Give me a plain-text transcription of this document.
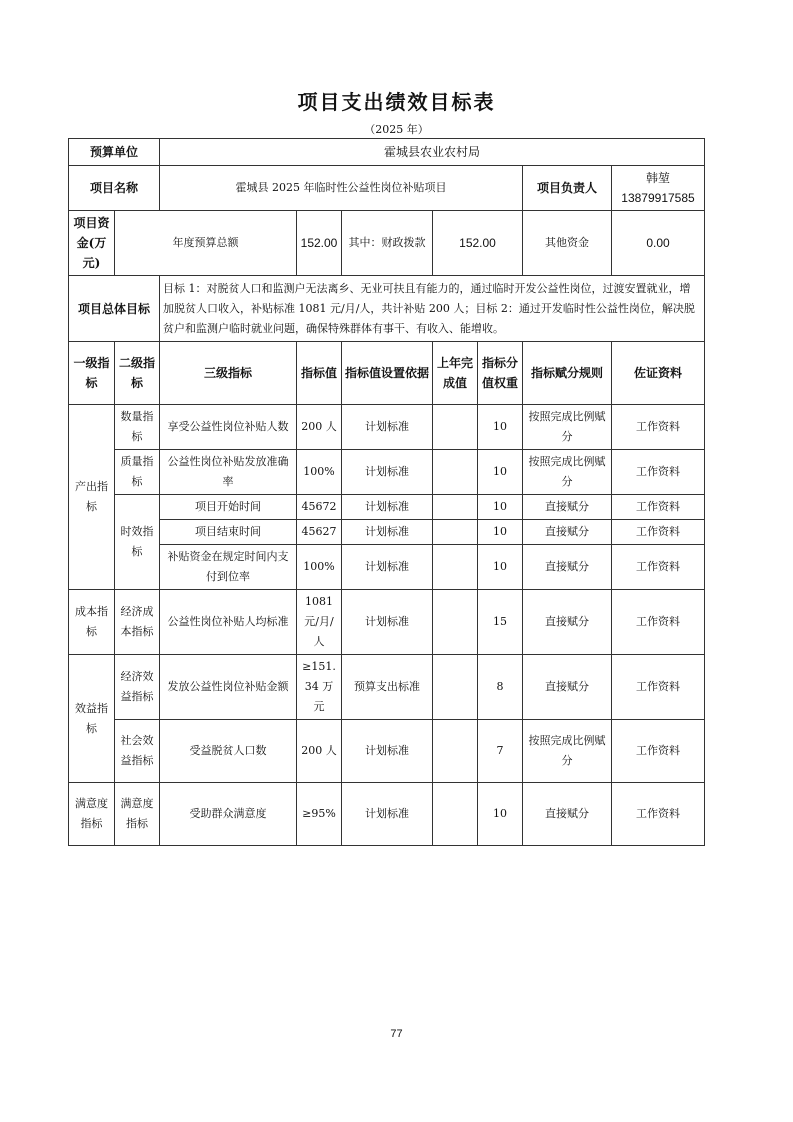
项目支出绩效目标表
（2025 年）
预算单位		霍城县农业农村局						
项目名称		霍城县 2025 年临时性公益性岗位补贴项目					项目负责人	韩堃
13879917585

项目资金(万元)	年度预算总额		152.00	其中：财政拨款	152.00		其他资金	0.00
项目总体目标		目标 1：对脱贫人口和监测户无法离乡、无业可扶且有能力的，通过临时开发公益性岗位，过渡安置就业，增加脱贫人口收入，补贴标准 1081 元/月/人，共计补贴 200 人；目标 2：通过开发临时性公益性岗位，解决脱贫户和监测户临时就业问题，确保特殊群体有事干、有收入、能增收。						
一级指标	二级指标	三级指标	指标值	指标值设置依据	上年完成值	指标分值权重	指标赋分规则	佐证资料
产出指标	数量指标	享受公益性岗位补贴人数	200 人	计划标准		10	按照完成比例赋分	工作资料
	质量指标	公益性岗位补贴发放准确率	100%	计划标准		10	按照完成比例赋分	工作资料
	时效指标	项目开始时间	45672	计划标准		10	直接赋分	工作资料
		项目结束时间	45627	计划标准		10	直接赋分	工作资料
		补贴资金在规定时间内支付到位率	100%	计划标准		10	直接赋分	工作资料
成本指标	经济成本指标	公益性岗位补贴人均标准	1081 元/月/人	计划标准		15	直接赋分	工作资料
效益指标	经济效益指标	发放公益性岗位补贴金额	≥151.34 万元	预算支出标准		8	直接赋分	工作资料
	社会效益指标	受益脱贫人口数	200 人	计划标准		7	按照完成比例赋分	工作资料
满意度指标	满意度指标	受助群众满意度	≥95%	计划标准		10	直接赋分	工作资料
77
